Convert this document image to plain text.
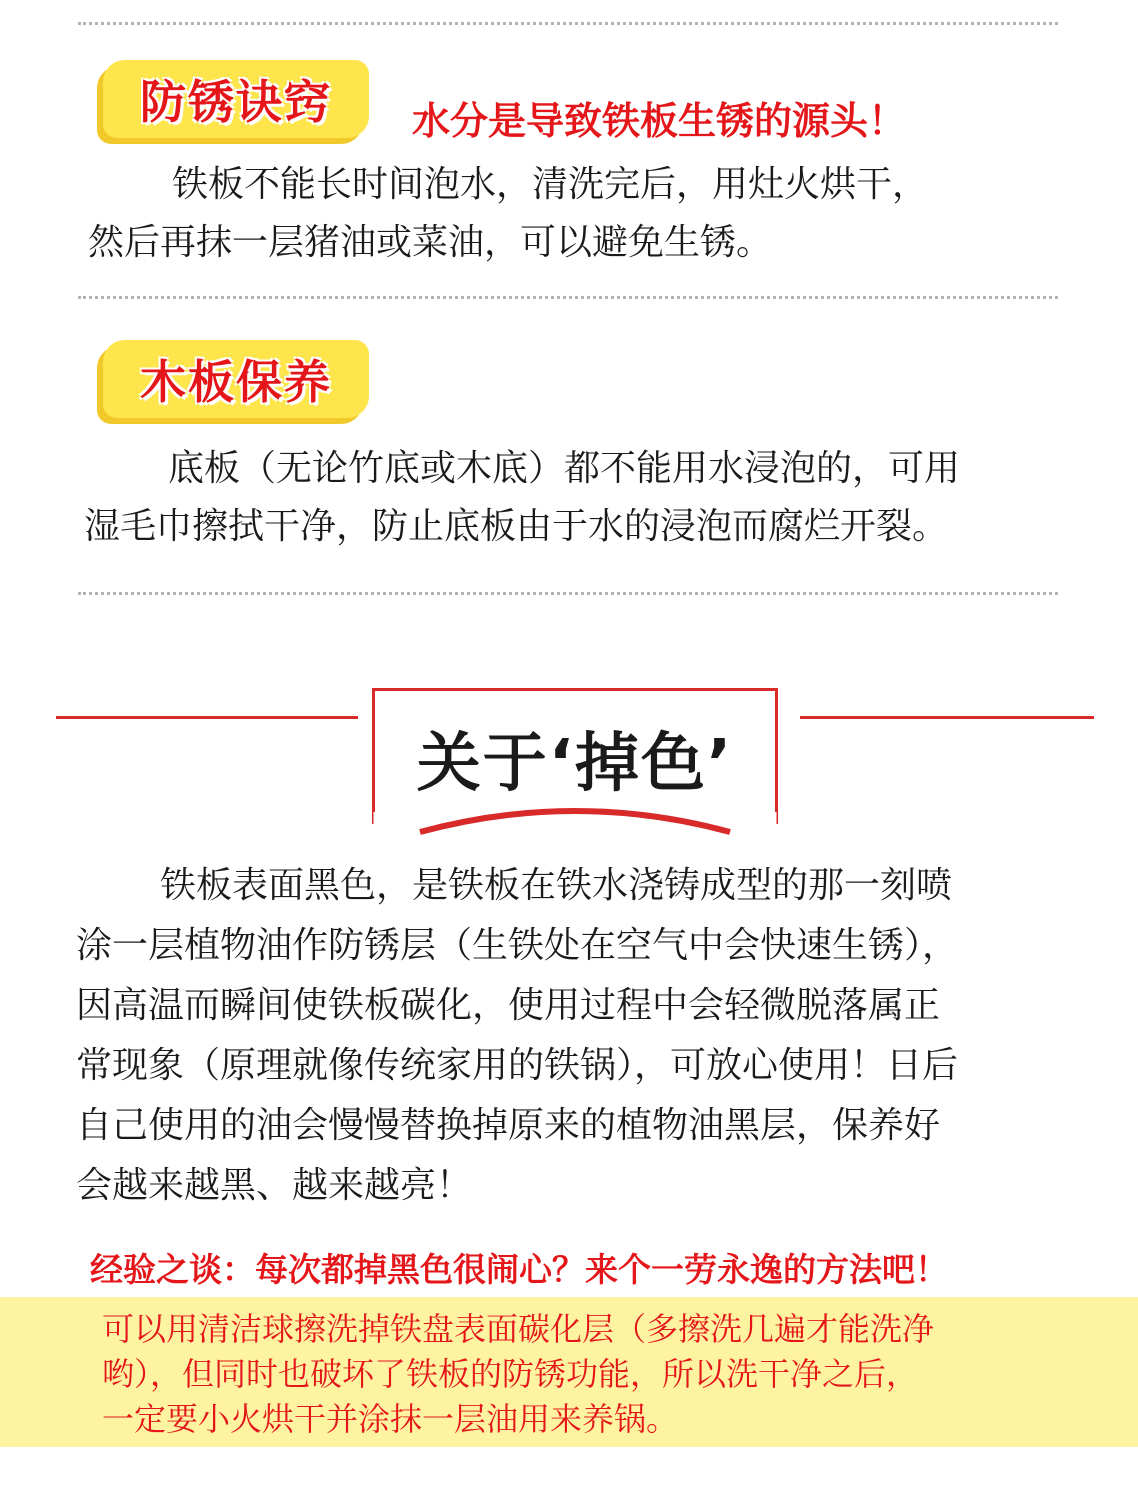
防锈诀窍 水分是导致铁板生锈的源头！
铁板不能长时间泡水，清洗完后，用灶火烘干，
然后再抹一层猪油或菜油，可以避免生锈。
木板保养
底板（无论竹底或木底）都不能用水浸泡的，可用
湿毛巾擦拭干净，防止底板由于水的浸泡而腐烂开裂。
关于‘掉色’
铁板表面黑色，是铁板在铁水浇铸成型的那一刻喷
涂一层植物油作防锈层（生铁处在空气中会快速生锈），
因高温而瞬间使铁板碳化，使用过程中会轻微脱落属正
常现象（原理就像传统家用的铁锅），可放心使用！日后
自己使用的油会慢慢替换掉原来的植物油黑层，保养好
会越来越黑、越来越亮！
经验之谈：每次都掉黑色很闹心？来个一劳永逸的方法吧！
可以用清洁球擦洗掉铁盘表面碳化层（多擦洗几遍才能洗净
哟），但同时也破坏了铁板的防锈功能，所以洗干净之后，
一定要小火烘干并涂抹一层油用来养锅。
